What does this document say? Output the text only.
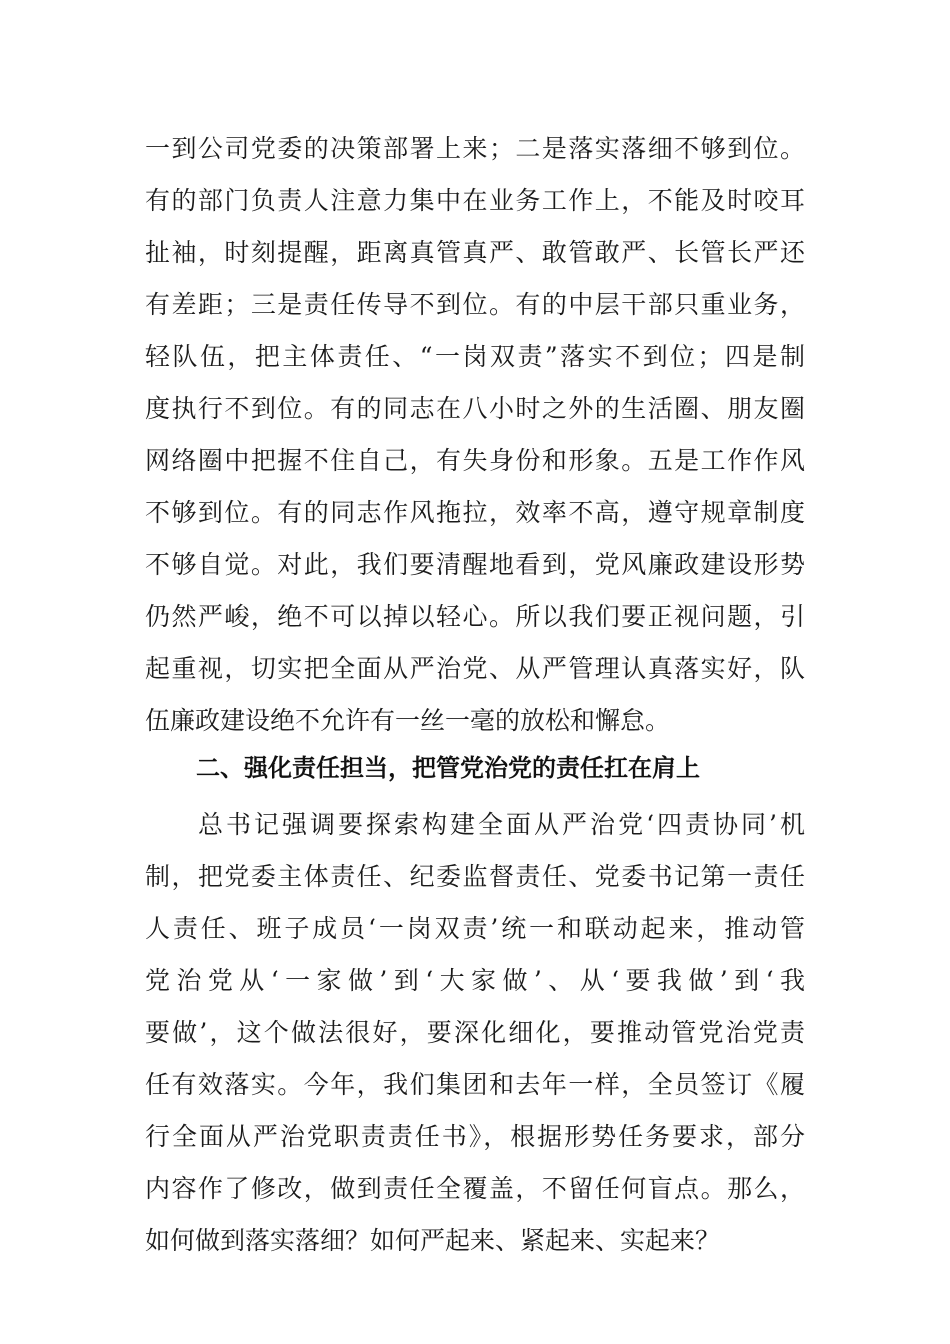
一到公司党委的决策部署上来；二是落实落细不够到位。
有的部门负责人注意力集中在业务工作上，不能及时咬耳
扯袖，时刻提醒，距离真管真严、敢管敢严、长管长严还
有差距；三是责任传导不到位。有的中层干部只重业务，
轻队伍，把主体责任、“一岗双责”落实不到位；四是制
度执行不到位。有的同志在八小时之外的生活圈、朋友圈
网络圈中把握不住自己，有失身份和形象。五是工作作风
不够到位。有的同志作风拖拉，效率不高，遵守规章制度
不够自觉。对此，我们要清醒地看到，党风廉政建设形势
仍然严峻，绝不可以掉以轻心。所以我们要正视问题，引
起重视，切实把全面从严治党、从严管理认真落实好，队
伍廉政建设绝不允许有一丝一毫的放松和懈怠。
二、强化责任担当，把管党治党的责任扛在肩上
总书记强调要探索构建全面从严治党‘四责协同’机
制，把党委主体责任、纪委监督责任、党委书记第一责任
人责任、班子成员‘一岗双责’统一和联动起来，推动管
党治党从‘一家做’到‘大家做’、从‘要我做’到‘我
要做’，这个做法很好，要深化细化，要推动管党治党责
任有效落实。今年，我们集团和去年一样，全员签订《履
行全面从严治党职责责任书》，根据形势任务要求，部分
内容作了修改，做到责任全覆盖，不留任何盲点。那么，
如何做到落实落细？如何严起来、紧起来、实起来？
